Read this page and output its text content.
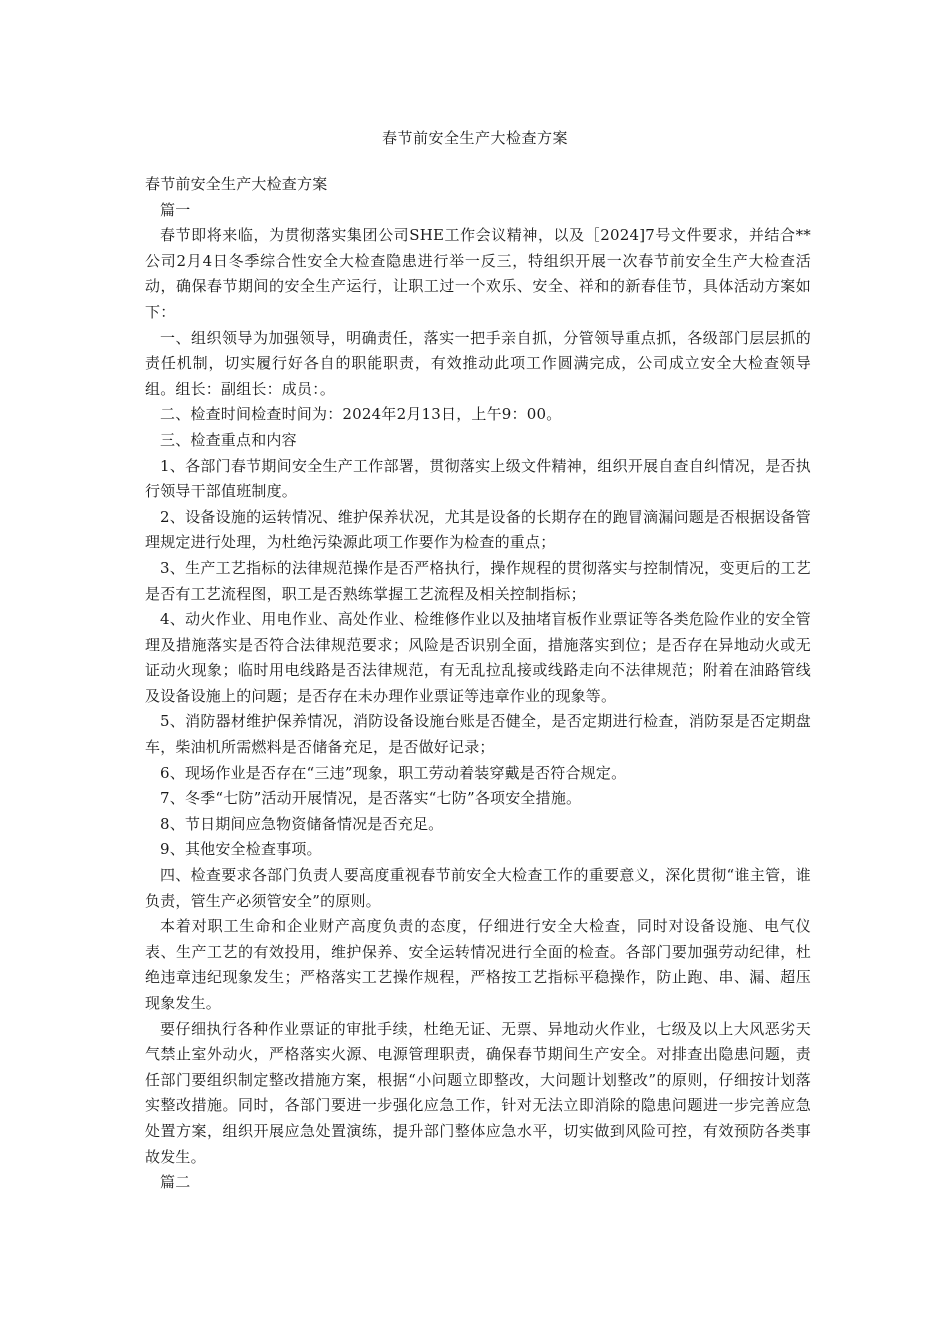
春节前安全生产大检查方案

春节前安全生产大检查方案

篇一

春节即将来临，为贯彻落实集团公司SHE工作会议精神，以及［2024]7号文件要求，并结合**公司2月4日冬季综合性安全大检查隐患进行举一反三，特组织开展一次春节前安全生产大检查活动，确保春节期间的安全生产运行，让职工过一个欢乐、安全、祥和的新春佳节，具体活动方案如下：

一、组织领导为加强领导，明确责任，落实一把手亲自抓，分管领导重点抓，各级部门层层抓的责任机制，切实履行好各自的职能职责，有效推动此项工作圆满完成，公司成立安全大检查领导组。组长：副组长：成员：。

二、检查时间检查时间为：2024年2月13日，上午9：00。

三、检查重点和内容

1、各部门春节期间安全生产工作部署，贯彻落实上级文件精神，组织开展自查自纠情况，是否执行领导干部值班制度。

2、设备设施的运转情况、维护保养状况，尤其是设备的长期存在的跑冒滴漏问题是否根据设备管理规定进行处理，为杜绝污染源此项工作要作为检查的重点；

3、生产工艺指标的法律规范操作是否严格执行，操作规程的贯彻落实与控制情况，变更后的工艺是否有工艺流程图，职工是否熟练掌握工艺流程及相关控制指标；

4、动火作业、用电作业、高处作业、检维修作业以及抽堵盲板作业票证等各类危险作业的安全管理及措施落实是否符合法律规范要求；风险是否识别全面，措施落实到位；是否存在异地动火或无证动火现象；临时用电线路是否法律规范，有无乱拉乱接或线路走向不法律规范；附着在油路管线及设备设施上的问题；是否存在未办理作业票证等违章作业的现象等。

5、消防器材维护保养情况，消防设备设施台账是否健全，是否定期进行检查，消防泵是否定期盘车，柴油机所需燃料是否储备充足，是否做好记录；

6、现场作业是否存在“三违”现象，职工劳动着装穿戴是否符合规定。

7、冬季“七防”活动开展情况，是否落实“七防”各项安全措施。

8、节日期间应急物资储备情况是否充足。

9、其他安全检查事项。

四、检查要求各部门负责人要高度重视春节前安全大检查工作的重要意义，深化贯彻“谁主管，谁负责，管生产必须管安全”的原则。

本着对职工生命和企业财产高度负责的态度，仔细进行安全大检查，同时对设备设施、电气仪表、生产工艺的有效投用，维护保养、安全运转情况进行全面的检查。各部门要加强劳动纪律，杜绝违章违纪现象发生；严格落实工艺操作规程，严格按工艺指标平稳操作，防止跑、串、漏、超压现象发生。

要仔细执行各种作业票证的审批手续，杜绝无证、无票、异地动火作业，七级及以上大风恶劣天气禁止室外动火，严格落实火源、电源管理职责，确保春节期间生产安全。对排查出隐患问题，责任部门要组织制定整改措施方案，根据“小问题立即整改，大问题计划整改”的原则，仔细按计划落实整改措施。同时，各部门要进一步强化应急工作，针对无法立即消除的隐患问题进一步完善应急处置方案，组织开展应急处置演练，提升部门整体应急水平，切实做到风险可控，有效预防各类事故发生。

篇二
